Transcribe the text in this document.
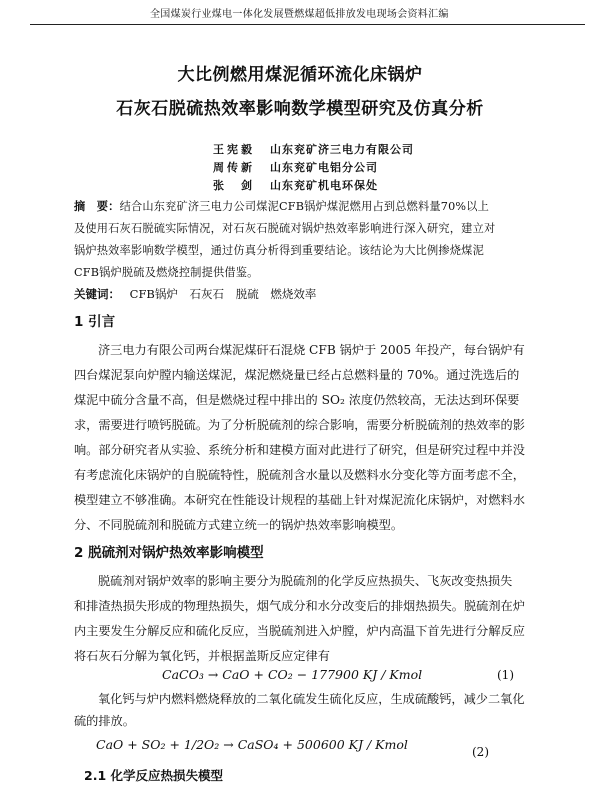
全国煤炭行业煤电一体化发展暨燃煤超低排放发电现场会资料汇编
大比例燃用煤泥循环流化床锅炉
石灰石脱硫热效率影响数学模型研究及仿真分析
王宪毅 山东兖矿济三电力有限公司
周传新 山东兖矿电铝分公司
张　剑 山东兖矿机电环保处
摘　要：结合山东兖矿济三电力公司煤泥CFB锅炉煤泥燃用占到总燃料量70%以上
及使用石灰石脱硫实际情况，对石灰石脱硫对锅炉热效率影响进行深入研究，建立对
锅炉热效率影响数学模型，通过仿真分析得到重要结论。该结论为大比例掺烧煤泥
CFB锅炉脱硫及燃烧控制提供借鉴。
关键词： CFB锅炉 石灰石 脱硫 燃烧效率
1 引言
济三电力有限公司两台煤泥煤矸石混烧 CFB 锅炉于 2005 年投产，每台锅炉有
四台煤泥泵向炉膛内输送煤泥，煤泥燃烧量已经占总燃料量的 70%。通过洗选后的
煤泥中硫分含量不高，但是燃烧过程中排出的 SO₂ 浓度仍然较高，无法达到环保要
求，需要进行喷钙脱硫。为了分析脱硫剂的综合影响，需要分析脱硫剂的热效率的影
响。部分研究者从实验、系统分析和建模方面对此进行了研究，但是研究过程中并没
有考虑流化床锅炉的自脱硫特性，脱硫剂含水量以及燃料水分变化等方面考虑不全，
模型建立不够准确。本研究在性能设计规程的基础上针对煤泥流化床锅炉，对燃料水
分、不同脱硫剂和脱硫方式建立统一的锅炉热效率影响模型。
2 脱硫剂对锅炉热效率影响模型
脱硫剂对锅炉效率的影响主要分为脱硫剂的化学反应热损失、飞灰改变热损失
和排渣热损失形成的物理热损失，烟气成分和水分改变后的排烟热损失。脱硫剂在炉
内主要发生分解反应和硫化反应，当脱硫剂进入炉膛，炉内高温下首先进行分解反应
将石灰石分解为氧化钙，并根据盖斯反应定律有
CaCO₃ → CaO + CO₂ − 177900 KJ / Kmol	(1)
氧化钙与炉内燃料燃烧释放的二氧化硫发生硫化反应，生成硫酸钙，减少二氧化
硫的排放。
CaO + SO₂ + 1/2O₂ → CaSO₄ + 500600 KJ / Kmol	(2)
2.1 化学反应热损失模型
